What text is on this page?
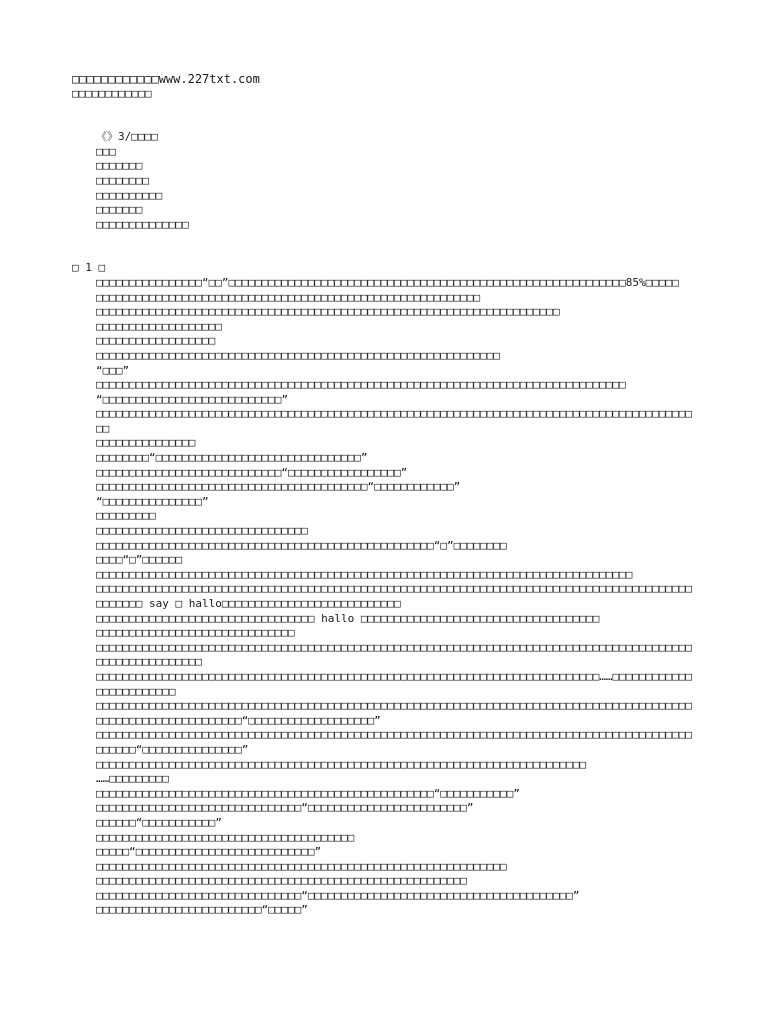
□□□□□□□□□□□□www.227txt.com
□□□□□□□□□□□□
《》3/□□□□
□□□
□□□□□□□
□□□□□□□□
□□□□□□□□□□
□□□□□□□
□□□□□□□□□□□□□□
□ 1 □
□□□□□□□□□□□□□□□□“□□”□□□□□□□□□□□□□□□□□□□□□□□□□□□□□□□□□□□□□□□□□□□□□□□□□□□□□□□□□□□□85%□□□□□
□□□□□□□□□□□□□□□□□□□□□□□□□□□□□□□□□□□□□□□□□□□□□□□□□□□□□□□□□□
□□□□□□□□□□□□□□□□□□□□□□□□□□□□□□□□□□□□□□□□□□□□□□□□□□□□□□□□□□□□□□□□□□□□□□
□□□□□□□□□□□□□□□□□□□
□□□□□□□□□□□□□□□□□□
□□□□□□□□□□□□□□□□□□□□□□□□□□□□□□□□□□□□□□□□□□□□□□□□□□□□□□□□□□□□□
“□□□”
□□□□□□□□□□□□□□□□□□□□□□□□□□□□□□□□□□□□□□□□□□□□□□□□□□□□□□□□□□□□□□□□□□□□□□□□□□□□□□□□
“□□□□□□□□□□□□□□□□□□□□□□□□□□□”
□□□□□□□□□□□□□□□□□□□□□□□□□□□□□□□□□□□□□□□□□□□□□□□□□□□□□□□□□□□□□□□□□□□□□□□□□□□□□□□□□□□□□□□□□□□□
□□□□□□□□□□□□□□□
□□□□□□□□“□□□□□□□□□□□□□□□□□□□□□□□□□□□□□□□”
□□□□□□□□□□□□□□□□□□□□□□□□□□□□“□□□□□□□□□□□□□□□□□”
□□□□□□□□□□□□□□□□□□□□□□□□□□□□□□□□□□□□□□□□□“□□□□□□□□□□□□”
“□□□□□□□□□□□□□□□”
□□□□□□□□□
□□□□□□□□□□□□□□□□□□□□□□□□□□□□□□□□
□□□□□□□□□□□□□□□□□□□□□□□□□□□□□□□□□□□□□□□□□□□□□□□□□□□“□”□□□□□□□□
□□□□“□”□□□□□□
□□□□□□□□□□□□□□□□□□□□□□□□□□□□□□□□□□□□□□□□□□□□□□□□□□□□□□□□□□□□□□□□□□□□□□□□□□□□□□□□□
□□□□□□□□□□□□□□□□□□□□□□□□□□□□□□□□□□□□□□□□□□□□□□□□□□□□□□□□□□□□□□□□□□□□□□□□□□□□□□□□□□□□□□□□□□□□□□□□□ say □ hallo□□□□□□□□□□□□□□□□□□□□□□□□□□□
□□□□□□□□□□□□□□□□□□□□□□□□□□□□□□□□□ hallo □□□□□□□□□□□□□□□□□□□□□□□□□□□□□□□□□□□□
□□□□□□□□□□□□□□□□□□□□□□□□□□□□□□
□□□□□□□□□□□□□□□□□□□□□□□□□□□□□□□□□□□□□□□□□□□□□□□□□□□□□□□□□□□□□□□□□□□□□□□□□□□□□□□□□□□□□□□□□□□□□□□□□□□□□□□□□□
□□□□□□□□□□□□□□□□□□□□□□□□□□□□□□□□□□□□□□□□□□□□□□□□□□□□□□□□□□□□□□□□□□□□□□□□□□□□……□□□□□□□□□□□□□□□□□□□□□□□□
□□□□□□□□□□□□□□□□□□□□□□□□□□□□□□□□□□□□□□□□□□□□□□□□□□□□□□□□□□□□□□□□□□□□□□□□□□□□□□□□□□□□□□□□□□□□□□□□□□□□□□□□□□□□□□□□“□□□□□□□□□□□□□□□□□□□”
□□□□□□□□□□□□□□□□□□□□□□□□□□□□□□□□□□□□□□□□□□□□□□□□□□□□□□□□□□□□□□□□□□□□□□□□□□□□□□□□□□□□□□□□□□□□□□□□“□□□□□□□□□□□□□□□”
□□□□□□□□□□□□□□□□□□□□□□□□□□□□□□□□□□□□□□□□□□□□□□□□□□□□□□□□□□□□□□□□□□□□□□□□□□
……□□□□□□□□□
□□□□□□□□□□□□□□□□□□□□□□□□□□□□□□□□□□□□□□□□□□□□□□□□□□□“□□□□□□□□□□□”
□□□□□□□□□□□□□□□□□□□□□□□□□□□□□□□“□□□□□□□□□□□□□□□□□□□□□□□□”
□□□□□□“□□□□□□□□□□□”
□□□□□□□□□□□□□□□□□□□□□□□□□□□□□□□□□□□□□□□
□□□□□“□□□□□□□□□□□□□□□□□□□□□□□□□□□”
□□□□□□□□□□□□□□□□□□□□□□□□□□□□□□□□□□□□□□□□□□□□□□□□□□□□□□□□□□□□□□
□□□□□□□□□□□□□□□□□□□□□□□□□□□□□□□□□□□□□□□□□□□□□□□□□□□□□□□□
□□□□□□□□□□□□□□□□□□□□□□□□□□□□□□□“□□□□□□□□□□□□□□□□□□□□□□□□□□□□□□□□□□□□□□□□”
□□□□□□□□□□□□□□□□□□□□□□□□□“□□□□□”
